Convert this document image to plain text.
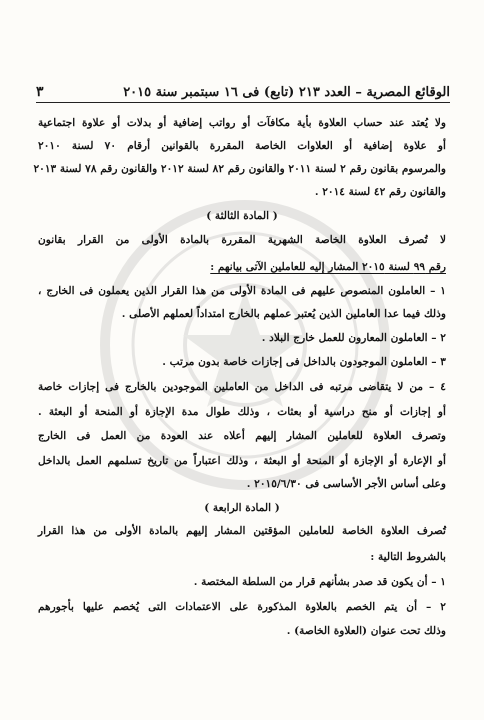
الوقائع المصرية – العدد ٢١٣ (تابع) فى ١٦ سبتمبر سنة ٢٠١٥
٣
ولا يُعتد عند حساب العلاوة بأية مكافآت أو رواتب إضافية أو بدلات أو علاوة اجتماعية
أو علاوة إضافية أو العلاوات الخاصة المقررة بالقوانين أرقام ٧٠ لسنة ٢٠١٠
والمرسوم بقانون رقم ٢ لسنة ٢٠١١ والقانون رقم ٨٢ لسنة ٢٠١٢ والقانون رقم ٧٨ لسنة ٢٠١٣
والقانون رقم ٤٢ لسنة ٢٠١٤ .
( المادة الثالثة )
لا تُصرف العلاوة الخاصة الشهرية المقررة بالمادة الأولى من القرار بقانون
رقم ٩٩ لسنة ٢٠١٥ المشار إليه للعاملين الآتى بيانهم :
١ – العاملون المنصوص عليهم فى المادة الأولى من هذا القرار الذين يعملون فى الخارج ،
وذلك فيما عدا العاملين الذين يُعتبر عملهم بالخارج امتداداً لعملهم الأصلى .
٢ – العاملون المعارون للعمل خارج البلاد .
٣ – العاملون الموجودون بالداخل فى إجازات خاصة بدون مرتب .
٤ – من لا يتقاضى مرتبه فى الداخل من العاملين الموجودين بالخارج فى إجازات خاصة
أو إجازات أو منح دراسية أو بعثات ، وذلك طوال مدة الإجازة أو المنحة أو البعثة .
وتصرف العلاوة للعاملين المشار إليهم أعلاه عند العودة من العمل فى الخارج
أو الإعارة أو الإجازة أو المنحة أو البعثة ، وذلك اعتباراً من تاريخ تسلمهم العمل بالداخل
وعلى أساس الأجر الأساسى فى ٢٠١٥/٦/٣٠ .
( المادة الرابعة )
تُصرف العلاوة الخاصة للعاملين المؤقتين المشار إليهم بالمادة الأولى من هذا القرار
بالشروط التالية :
١ – أن يكون قد صدر بشأنهم قرار من السلطة المختصة .
٢ – أن يتم الخصم بالعلاوة المذكورة على الاعتمادات التى يُخصم عليها بأجورهم
وذلك تحت عنوان (العلاوة الخاصة) .
